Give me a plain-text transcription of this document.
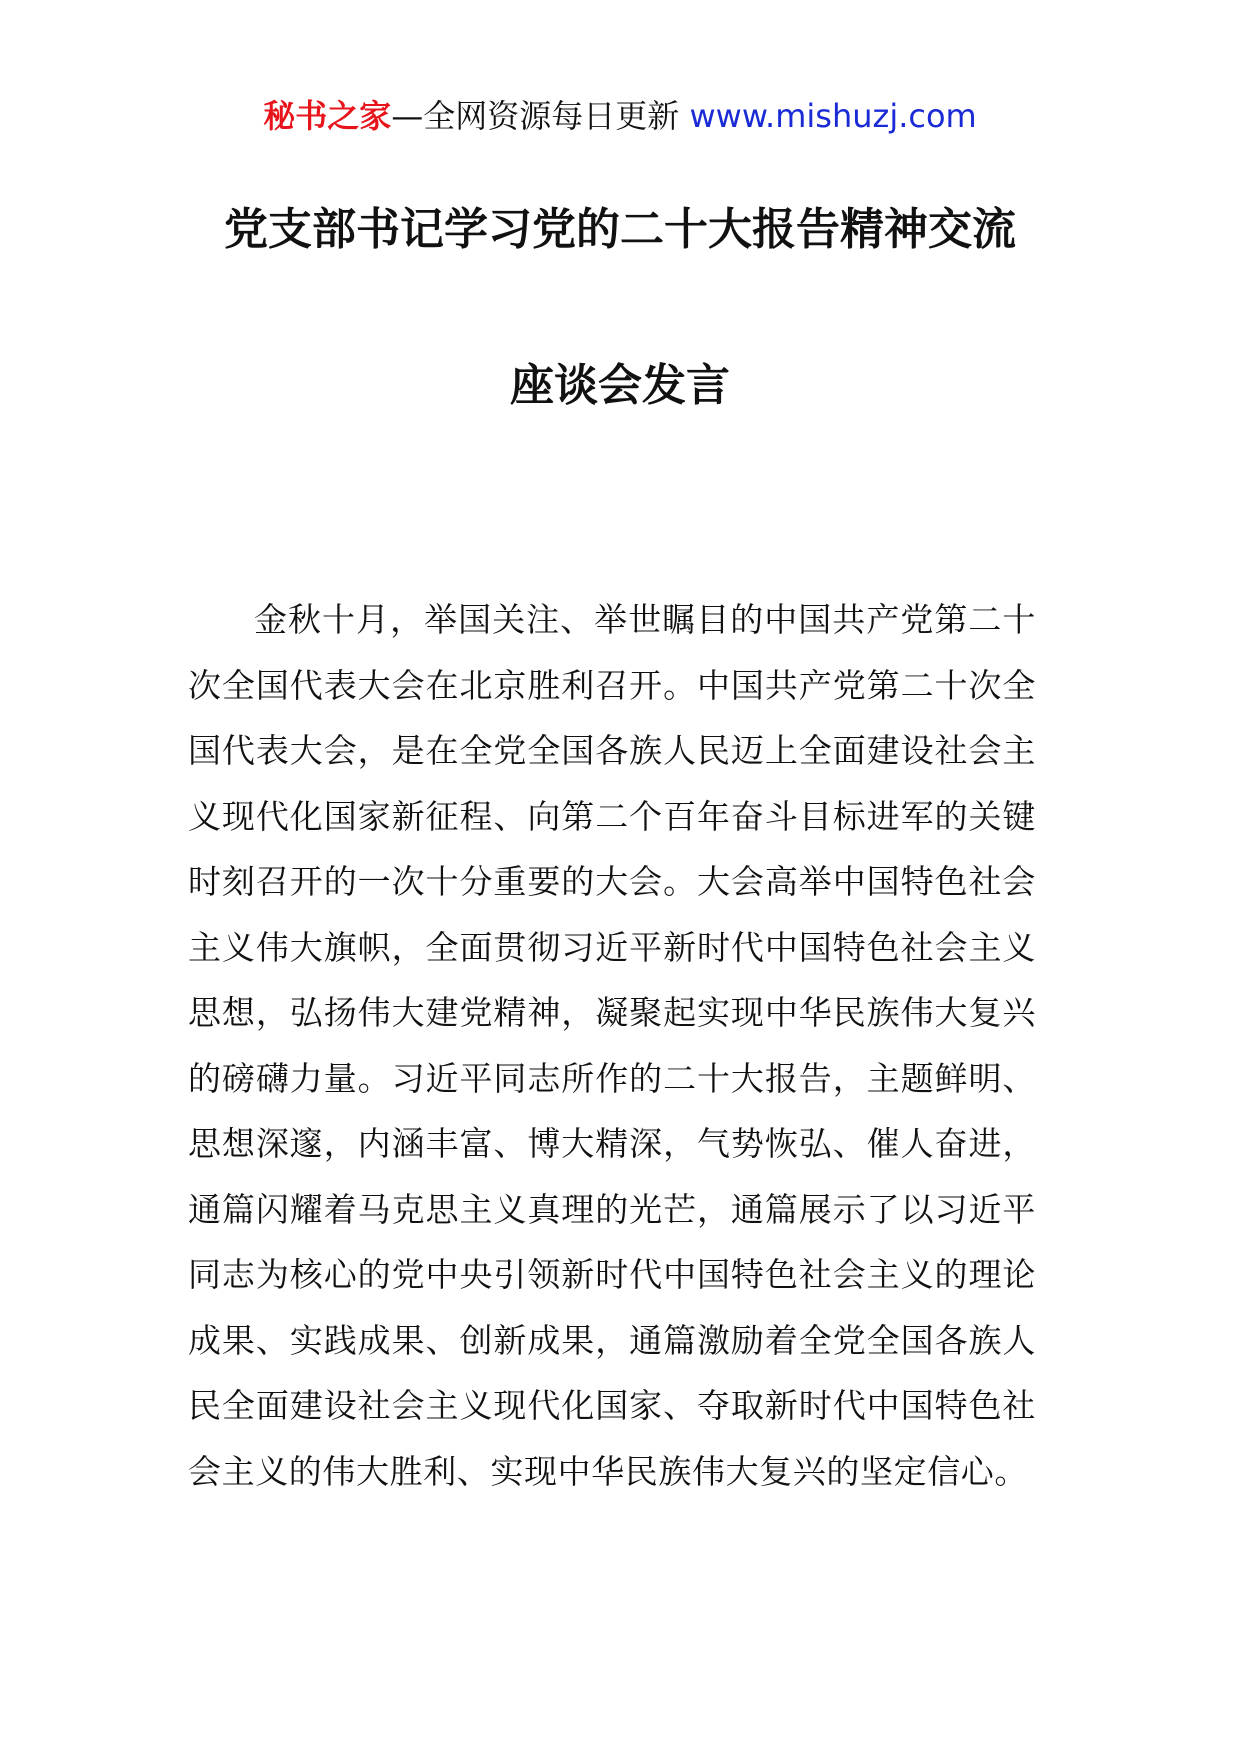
秘书之家—全网资源每日更新 www.mishuzj.com
党支部书记学习党的二十大报告精神交流
座谈会发言

金秋十月，举国关注、举世瞩目的中国共产党第二十次全国代表大会在北京胜利召开。中国共产党第二十次全国代表大会，是在全党全国各族人民迈上全面建设社会主义现代化国家新征程、向第二个百年奋斗目标进军的关键时刻召开的一次十分重要的大会。大会高举中国特色社会主义伟大旗帜，全面贯彻习近平新时代中国特色社会主义思想，弘扬伟大建党精神，凝聚起实现中华民族伟大复兴的磅礴力量。习近平同志所作的二十大报告，主题鲜明、思想深邃，内涵丰富、博大精深，气势恢弘、催人奋进，通篇闪耀着马克思主义真理的光芒，通篇展示了以习近平同志为核心的党中央引领新时代中国特色社会主义的理论成果、实践成果、创新成果，通篇激励着全党全国各族人民全面建设社会主义现代化国家、夺取新时代中国特色社会主义的伟大胜利、实现中华民族伟大复兴的坚定信心。
